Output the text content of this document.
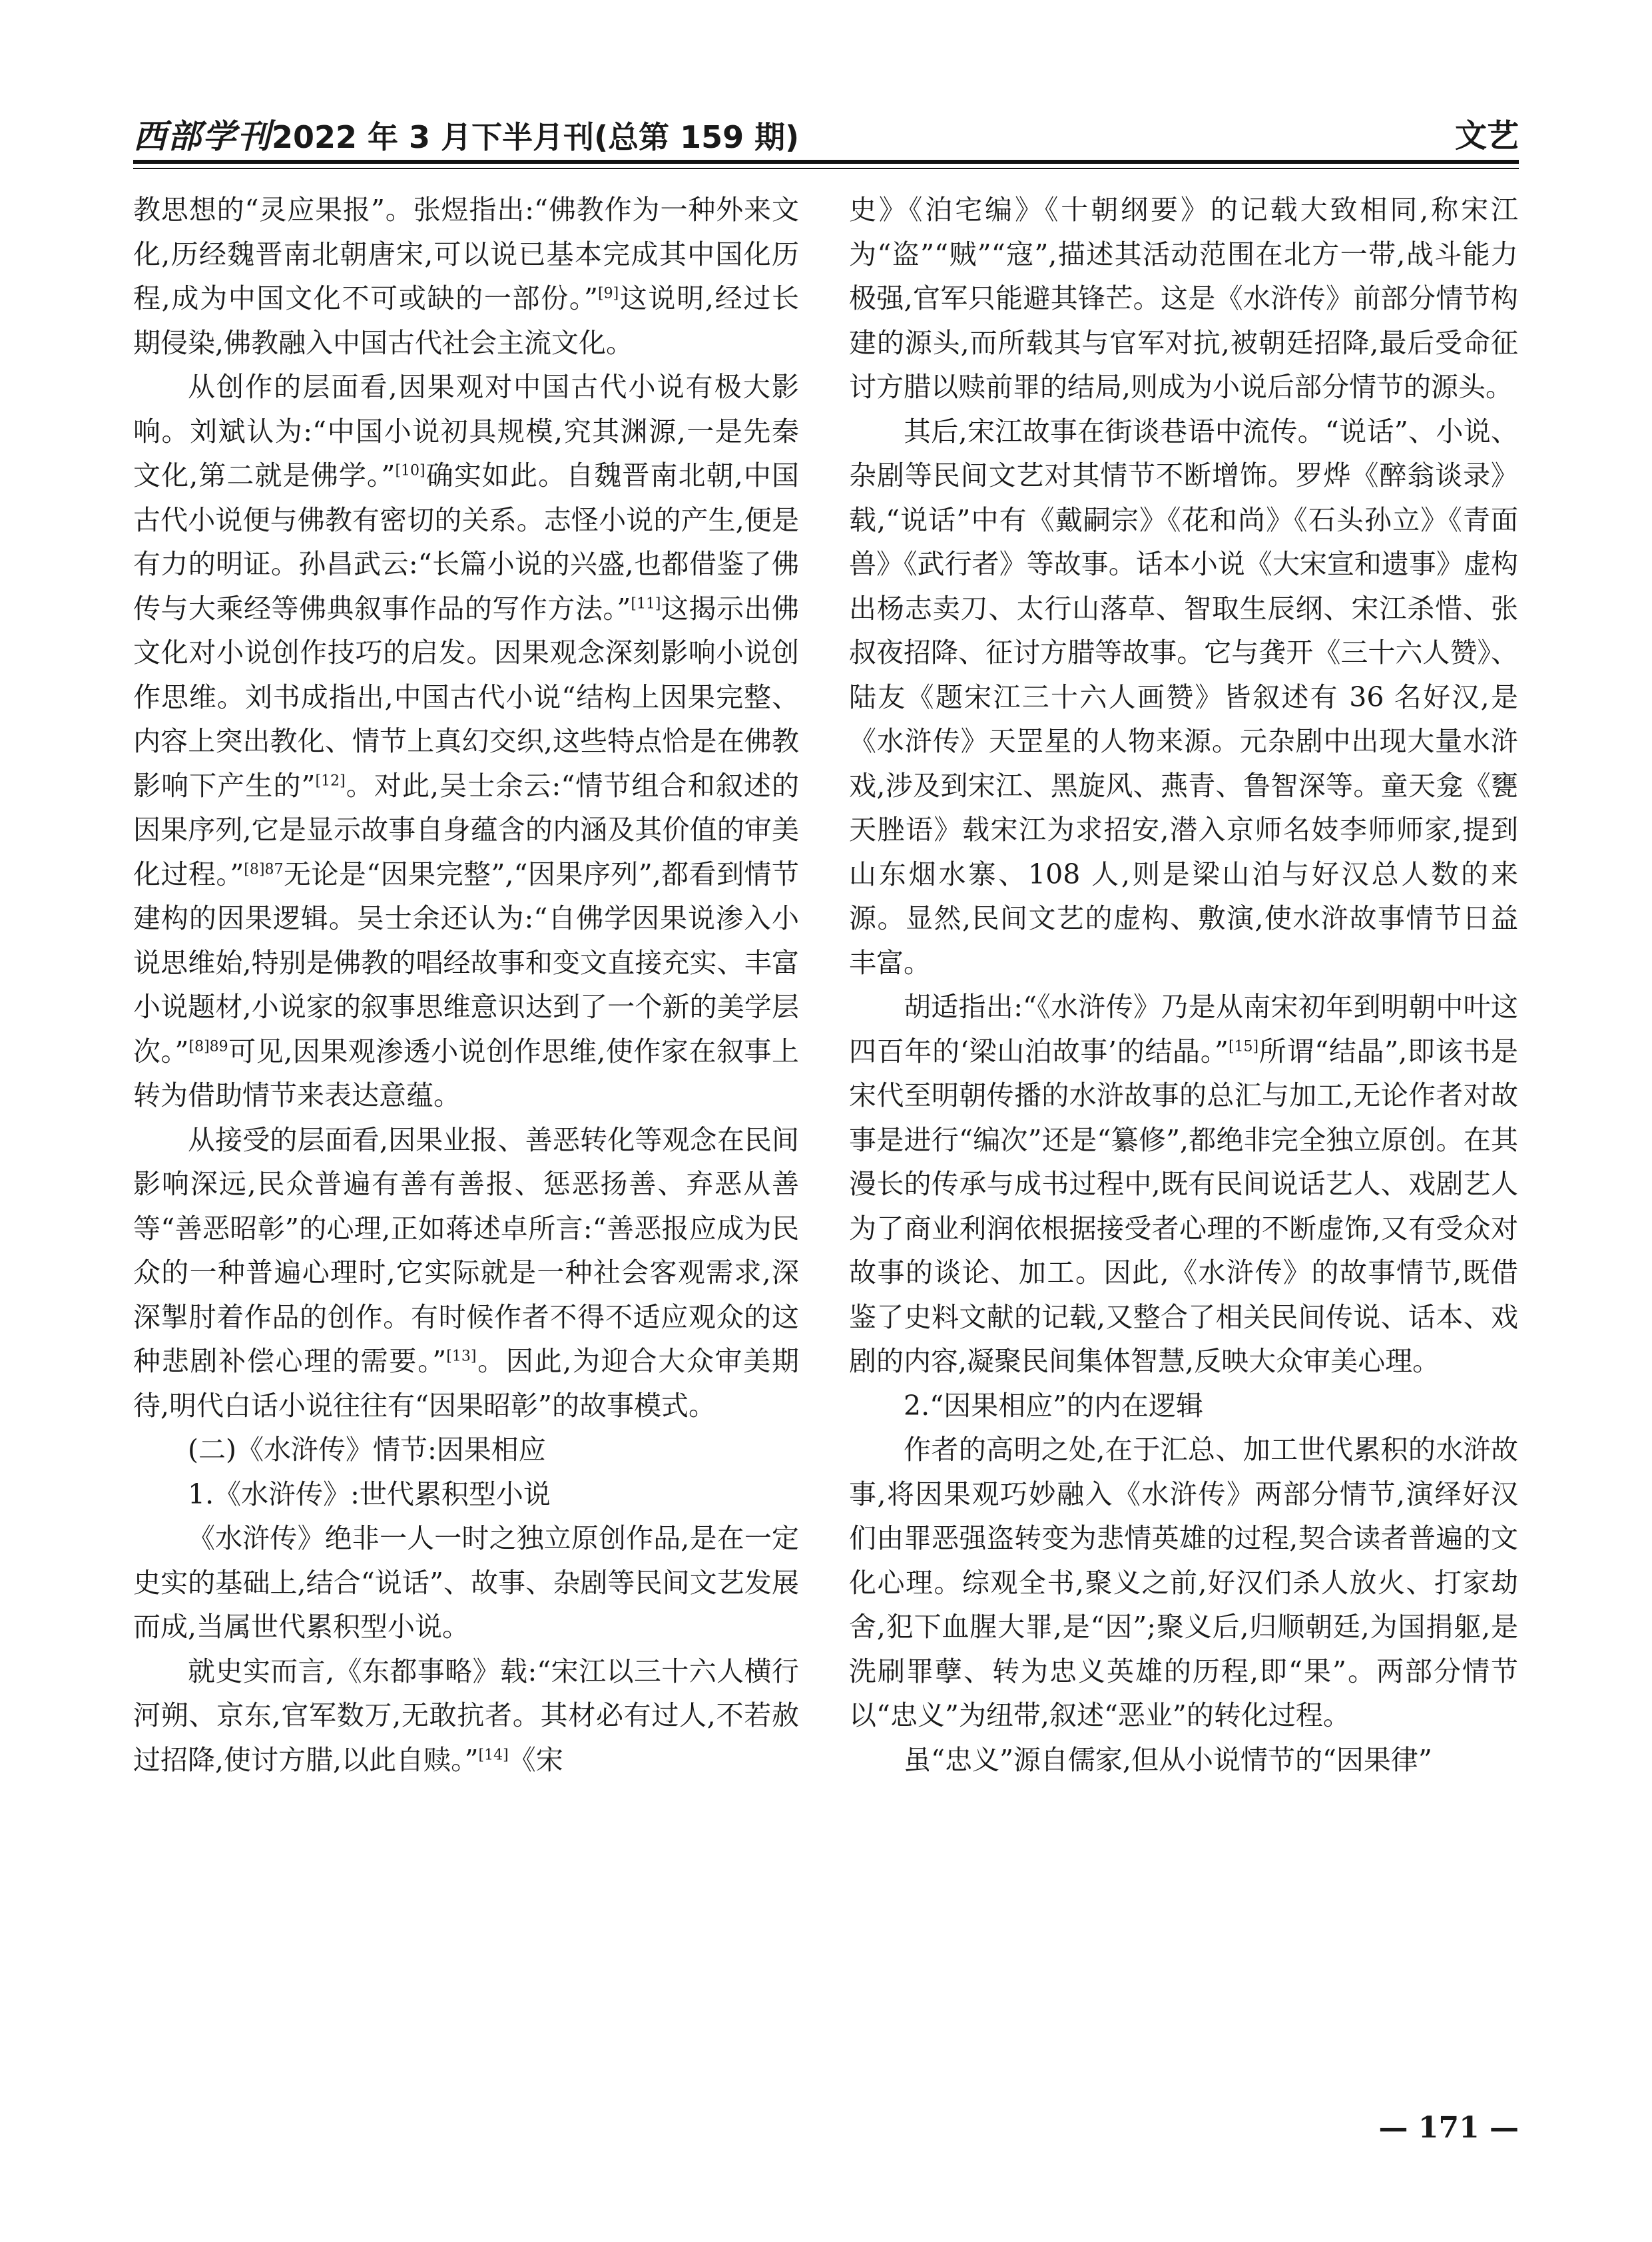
西部学刊2022 年 3 月下半月刊(总第 159 期)	文艺

教思想的“灵应果报”。张煜指出:“佛教作为一种外来文化,历经魏晋南北朝唐宋,可以说已基本完成其中国化历程,成为中国文化不可或缺的一部份。”[9]这说明,经过长期侵染,佛教融入中国古代社会主流文化。

从创作的层面看,因果观对中国古代小说有极大影响。刘斌认为:“中国小说初具规模,究其渊源,一是先秦文化,第二就是佛学。”[10]确实如此。自魏晋南北朝,中国古代小说便与佛教有密切的关系。志怪小说的产生,便是有力的明证。孙昌武云:“长篇小说的兴盛,也都借鉴了佛传与大乘经等佛典叙事作品的写作方法。”[11]这揭示出佛文化对小说创作技巧的启发。因果观念深刻影响小说创作思维。刘书成指出,中国古代小说“结构上因果完整、内容上突出教化、情节上真幻交织,这些特点恰是在佛教影响下产生的”[12]。对此,吴士余云:“情节组合和叙述的因果序列,它是显示故事自身蕴含的内涵及其价值的审美化过程。”$^{[8]87}$无论是“因果完整”,“因果序列”,都看到情节建构的因果逻辑。吴士余还认为:“自佛学因果说渗入小说思维始,特别是佛教的唱经故事和变文直接充实、丰富小说题材,小说家的叙事思维意识达到了一个新的美学层次。”$^{[8]89}$可见,因果观渗透小说创作思维,使作家在叙事上转为借助情节来表达意蕴。

从接受的层面看,因果业报、善恶转化等观念在民间影响深远,民众普遍有善有善报、惩恶扬善、弃恶从善等“善恶昭彰”的心理,正如蒋述卓所言:“善恶报应成为民众的一种普遍心理时,它实际就是一种社会客观需求,深深掣肘着作品的创作。有时候作者不得不适应观众的这种悲剧补偿心理的需要。”[13]。因此,为迎合大众审美期待,明代白话小说往往有“因果昭彰”的故事模式。

(二)《水浒传》情节:因果相应

1.《水浒传》:世代累积型小说

《水浒传》绝非一人一时之独立原创作品,是在一定史实的基础上,结合“说话”、故事、杂剧等民间文艺发展而成,当属世代累积型小说。

就史实而言,《东都事略》载:“宋江以三十六人横行河朔、京东,官军数万,无敢抗者。其材必有过人,不若赦过招降,使讨方腊,以此自赎。”[14]《宋

史》《泊宅编》《十朝纲要》的记载大致相同,称宋江为“盗”“贼”“寇”,描述其活动范围在北方一带,战斗能力极强,官军只能避其锋芒。这是《水浒传》前部分情节构建的源头,而所载其与官军对抗,被朝廷招降,最后受命征讨方腊以赎前罪的结局,则成为小说后部分情节的源头。

其后,宋江故事在街谈巷语中流传。“说话”、小说、杂剧等民间文艺对其情节不断增饰。罗烨《醉翁谈录》载,“说话”中有《戴嗣宗》《花和尚》《石头孙立》《青面兽》《武行者》等故事。话本小说《大宋宣和遗事》虚构出杨志卖刀、太行山落草、智取生辰纲、宋江杀惜、张叔夜招降、征讨方腊等故事。它与龚开《三十六人赞》、陆友《题宋江三十六人画赞》皆叙述有 36 名好汉,是《水浒传》天罡星的人物来源。元杂剧中出现大量水浒戏,涉及到宋江、黑旋风、燕青、鲁智深等。童天龛《甕天脞语》载宋江为求招安,潜入京师名妓李师师家,提到山东烟水寨、108 人,则是梁山泊与好汉总人数的来源。显然,民间文艺的虚构、敷演,使水浒故事情节日益丰富。

胡适指出:“《水浒传》乃是从南宋初年到明朝中叶这四百年的‘梁山泊故事’的结晶。”[15]所谓“结晶”,即该书是宋代至明朝传播的水浒故事的总汇与加工,无论作者对故事是进行“编次”还是“纂修”,都绝非完全独立原创。在其漫长的传承与成书过程中,既有民间说话艺人、戏剧艺人为了商业利润依根据接受者心理的不断虚饰,又有受众对故事的谈论、加工。因此,《水浒传》的故事情节,既借鉴了史料文献的记载,又整合了相关民间传说、话本、戏剧的内容,凝聚民间集体智慧,反映大众审美心理。

2.“因果相应”的内在逻辑

作者的高明之处,在于汇总、加工世代累积的水浒故事,将因果观巧妙融入《水浒传》两部分情节,演绎好汉们由罪恶强盗转变为悲情英雄的过程,契合读者普遍的文化心理。综观全书,聚义之前,好汉们杀人放火、打家劫舍,犯下血腥大罪,是“因”;聚义后,归顺朝廷,为国捐躯,是洗刷罪孽、转为忠义英雄的历程,即“果”。两部分情节以“忠义”为纽带,叙述“恶业”的转化过程。

虽“忠义”源自儒家,但从小说情节的“因果律”

— 171 —
